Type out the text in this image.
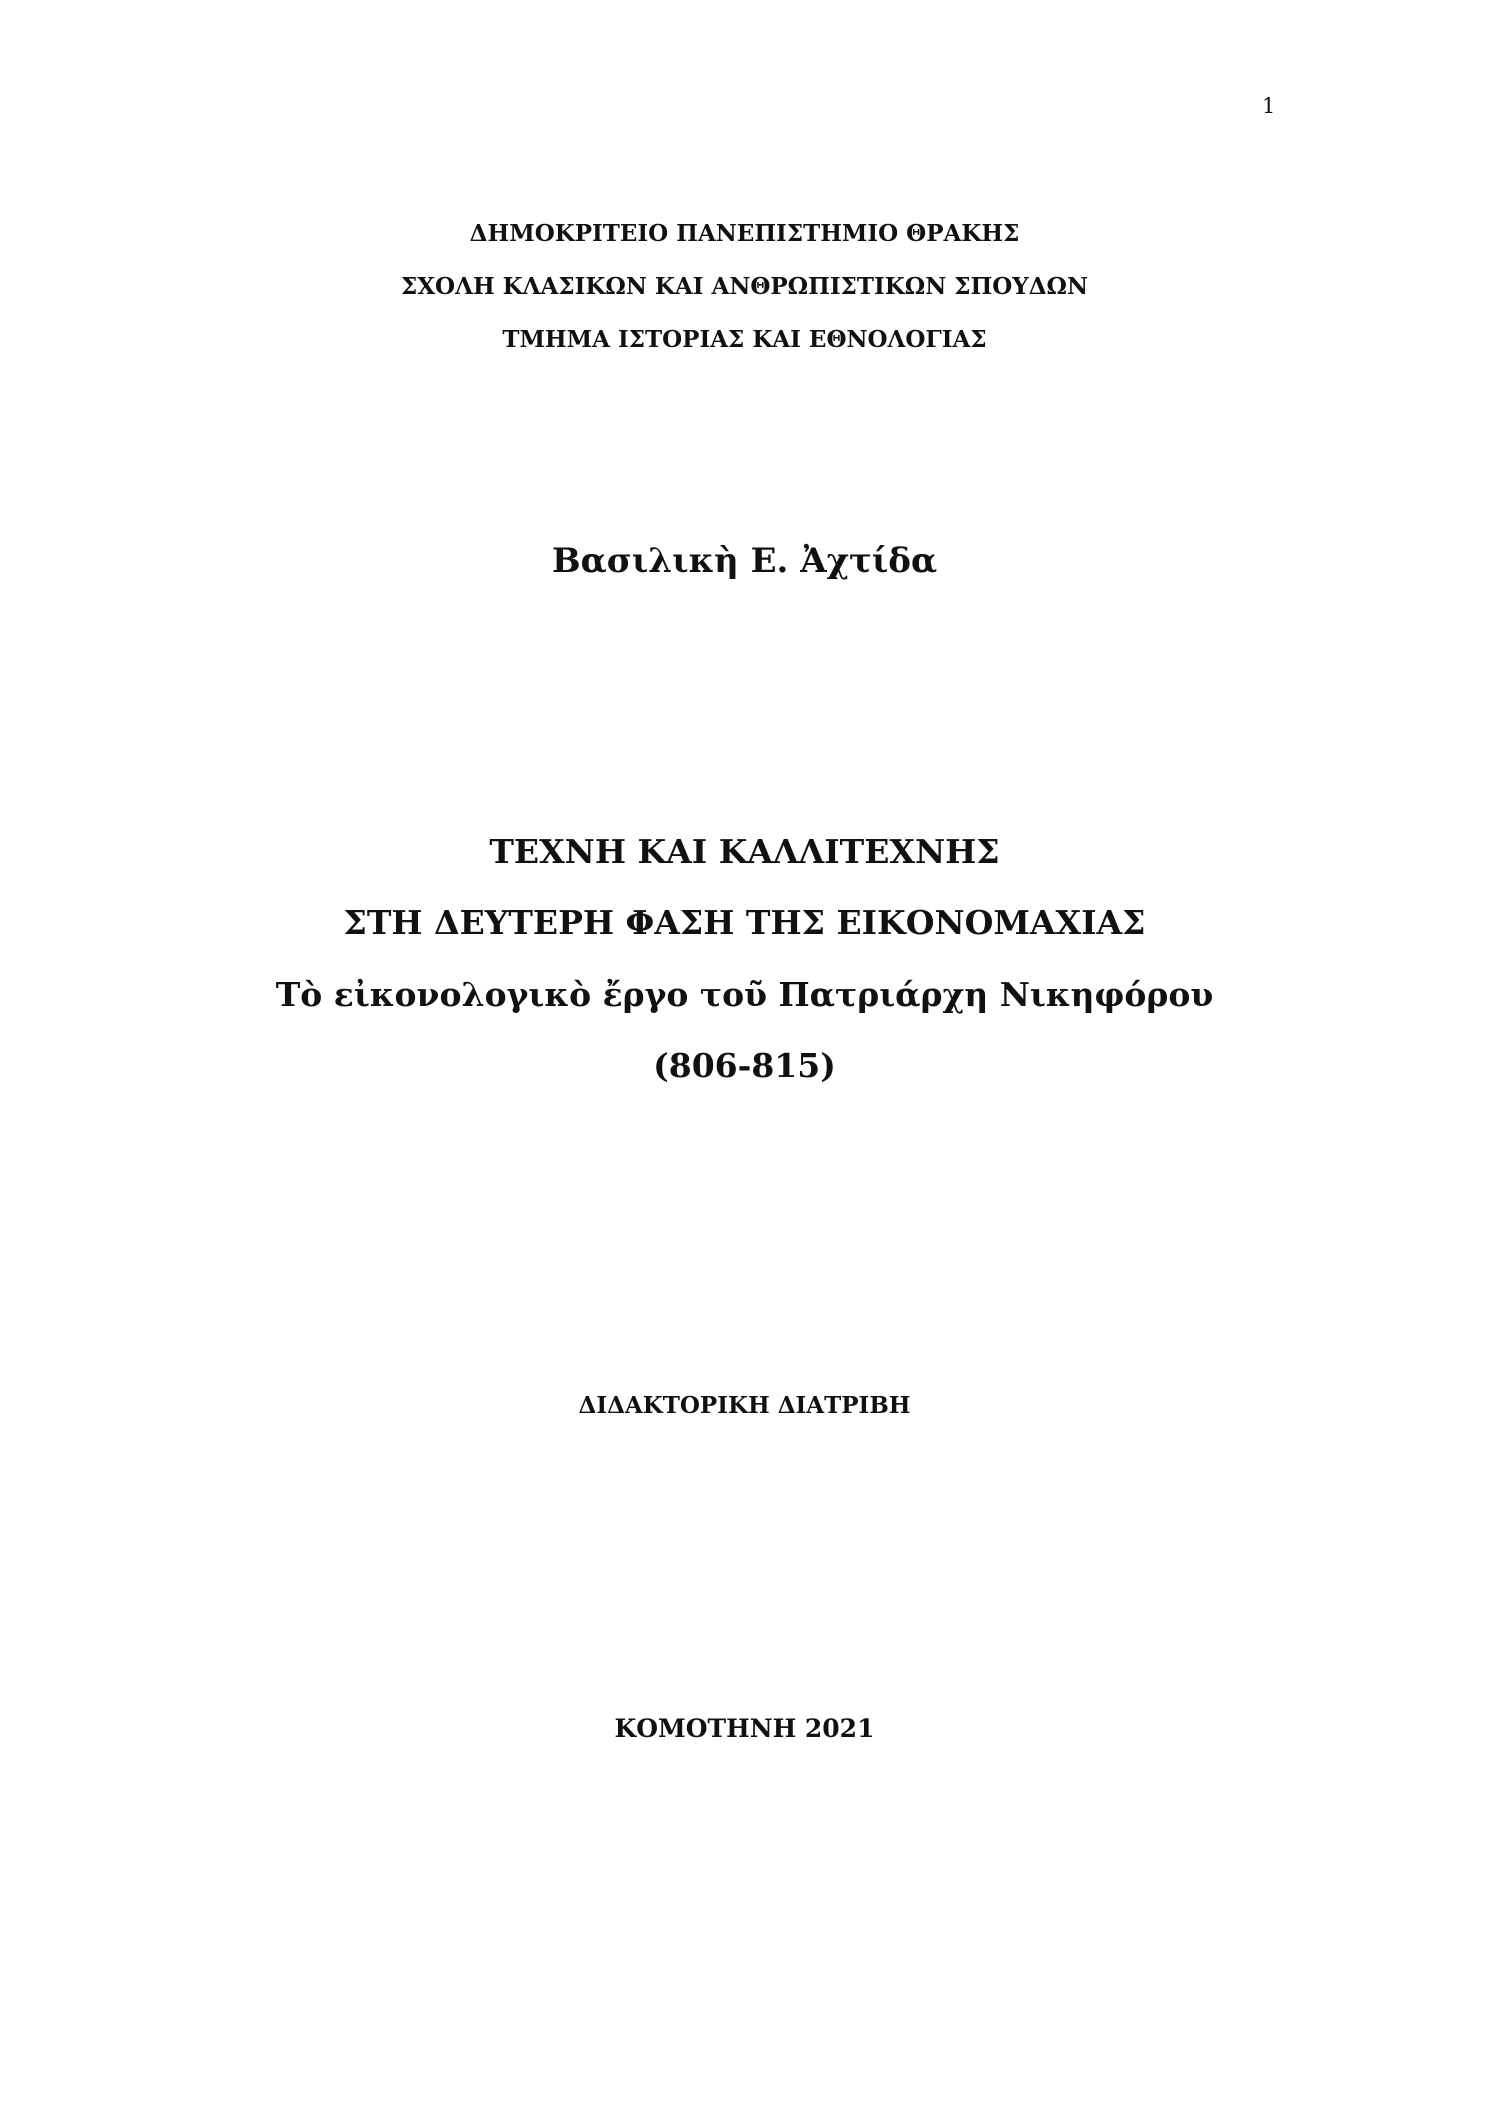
1
ΔΗΜΟΚΡΙΤΕΙΟ ΠΑΝΕΠΙΣΤΗΜΙΟ ΘΡΑΚΗΣ
ΣΧΟΛΗ ΚΛΑΣΙΚΩΝ ΚΑΙ ΑΝΘΡΩΠΙΣΤΙΚΩΝ ΣΠΟΥΔΩΝ
ΤΜΗΜΑ ΙΣΤΟΡΙΑΣ ΚΑΙ ΕΘΝΟΛΟΓΙΑΣ
Βασιλικὴ Ε. Ἀχτίδα
ΤΕΧΝΗ ΚΑΙ ΚΑΛΛΙΤΕΧΝΗΣ
ΣΤΗ ΔΕΥΤΕΡΗ ΦΑΣΗ ΤΗΣ ΕΙΚΟΝΟΜΑΧΙΑΣ
Τὸ εἰκονολογικὸ ἔργο τοῦ Πατριάρχη Νικηφόρου
(806-815)
ΔΙΔΑΚΤΟΡΙΚΗ ΔΙΑΤΡΙΒΗ
ΚΟΜΟΤΗΝΗ 2021
